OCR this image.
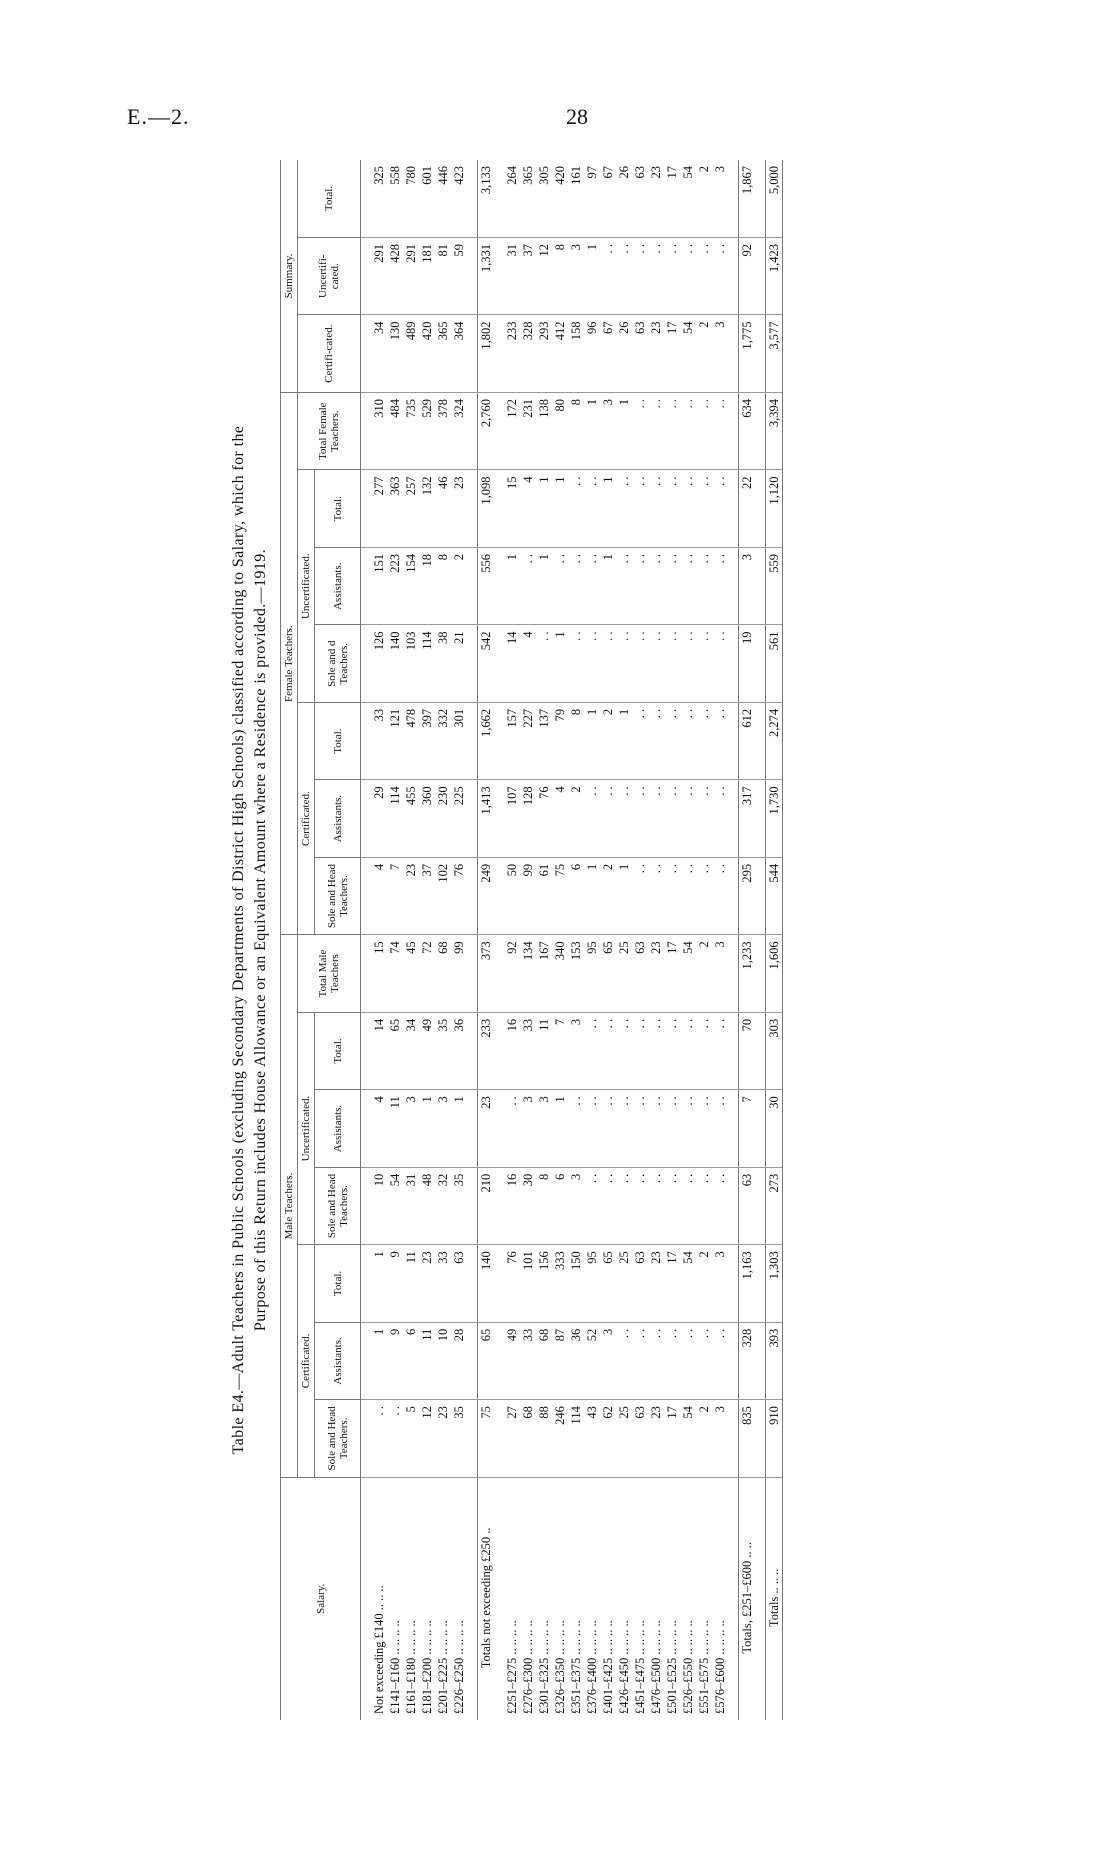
E.—2.	28
Table E4.—Adult Teachers in Public Schools (excluding Secondary Departments of District High Schools) classified according to Salary, which for the Purpose of this Return includes House Allowance or an Equivalent Amount where a Residence is provided.—1919.
Salary.	Male Teachers.							Female Teachers.							Summary.		
	Certificated.			Uncertificated.			Total Male Teachers	Certificated.			Uncertificated.			Total Female Teachers.	Certifi-cated.	Uncertifi-cated.	Total.
	Sole and Head Teachers.	Assistants.	Total.	Sole and Head Teachers.	Assistants.	Total.		Sole and Head Teachers.	Assistants.	Total.	Sole and d Teachers.	Assistants.	Total.				

Not exceeding £140 .. .. ..	. .	1	1	10	4	14	15	4	29	33	126	151	277	310	34	291	325
£141–£160 .. .. .. ..	. .	9	9	54	11	65	74	7	114	121	140	223	363	484	130	428	558
£161–£180 .. .. .. ..	5	6	11	31	3	34	45	23	455	478	103	154	257	735	489	291	780
£181–£200 .. .. .. ..	12	11	23	48	1	49	72	37	360	397	114	18	132	529	420	181	601
£201–£225 .. .. .. ..	23	10	33	32	3	35	68	102	230	332	38	8	46	378	365	81	446
£226–£250 .. .. .. ..	35	28	63	35	1	36	99	76	225	301	21	2	23	324	364	59	423

Totals not exceeding £250 ..	75	65	140	210	23	233	373	249	1,413	1,662	542	556	1,098	2,760	1,802	1,331	3,133

£251–£275 .. .. .. ..	27	49	76	16	. .	16	92	50	107	157	14	1	15	172	233	31	264
£276–£300 .. .. .. ..	68	33	101	30	3	33	134	99	128	227	4	. .	4	231	328	37	365
£301–£325 .. .. .. ..	88	68	156	8	3	11	167	61	76	137	. .	1	1	138	293	12	305
£326–£350 .. .. .. ..	246	87	333	6	1	7	340	75	4	79	1	. .	1	80	412	8	420
£351–£375 .. .. .. ..	114	36	150	3	. .	3	153	6	2	8	. .	. .	. .	8	158	3	161
£376–£400 .. .. .. ..	43	52	95	. .	. .	. .	95	1	. .	1	. .	. .	. .	1	96	1	97
£401–£425 .. .. .. ..	62	3	65	. .	. .	. .	65	2	. .	2	. .	1	1	3	67	. .	67
£426–£450 .. .. .. ..	25	. .	25	. .	. .	. .	25	1	. .	1	. .	. .	. .	1	26	. .	26
£451–£475 .. .. .. ..	63	. .	63	. .	. .	. .	63	. .	. .	. .	. .	. .	. .	. .	63	. .	63
£476–£500 .. .. .. ..	23	. .	23	. .	. .	. .	23	. .	. .	. .	. .	. .	. .	. .	23	. .	23
£501–£525 .. .. .. ..	17	. .	17	. .	. .	. .	17	. .	. .	. .	. .	. .	. .	. .	17	. .	17
£526–£550 .. .. .. ..	54	. .	54	. .	. .	. .	54	. .	. .	. .	. .	. .	. .	. .	54	. .	54
£551–£575 .. .. .. ..	2	. .	2	. .	. .	. .	2	. .	. .	. .	. .	. .	. .	. .	2	. .	2
£576–£600 .. .. .. ..	3	. .	3	. .	. .	. .	3	. .	. .	. .	. .	. .	. .	. .	3	. .	3

Totals, £251–£600 .. ..	835	328	1,163	63	7	70	1,233	295	317	612	19	3	22	634	1,775	92	1,867

Totals .. .. ..	910	393	1,303	273	30	303	1,606	544	1,730	2,274	561	559	1,120	3,394	3,577	1,423	5,000
